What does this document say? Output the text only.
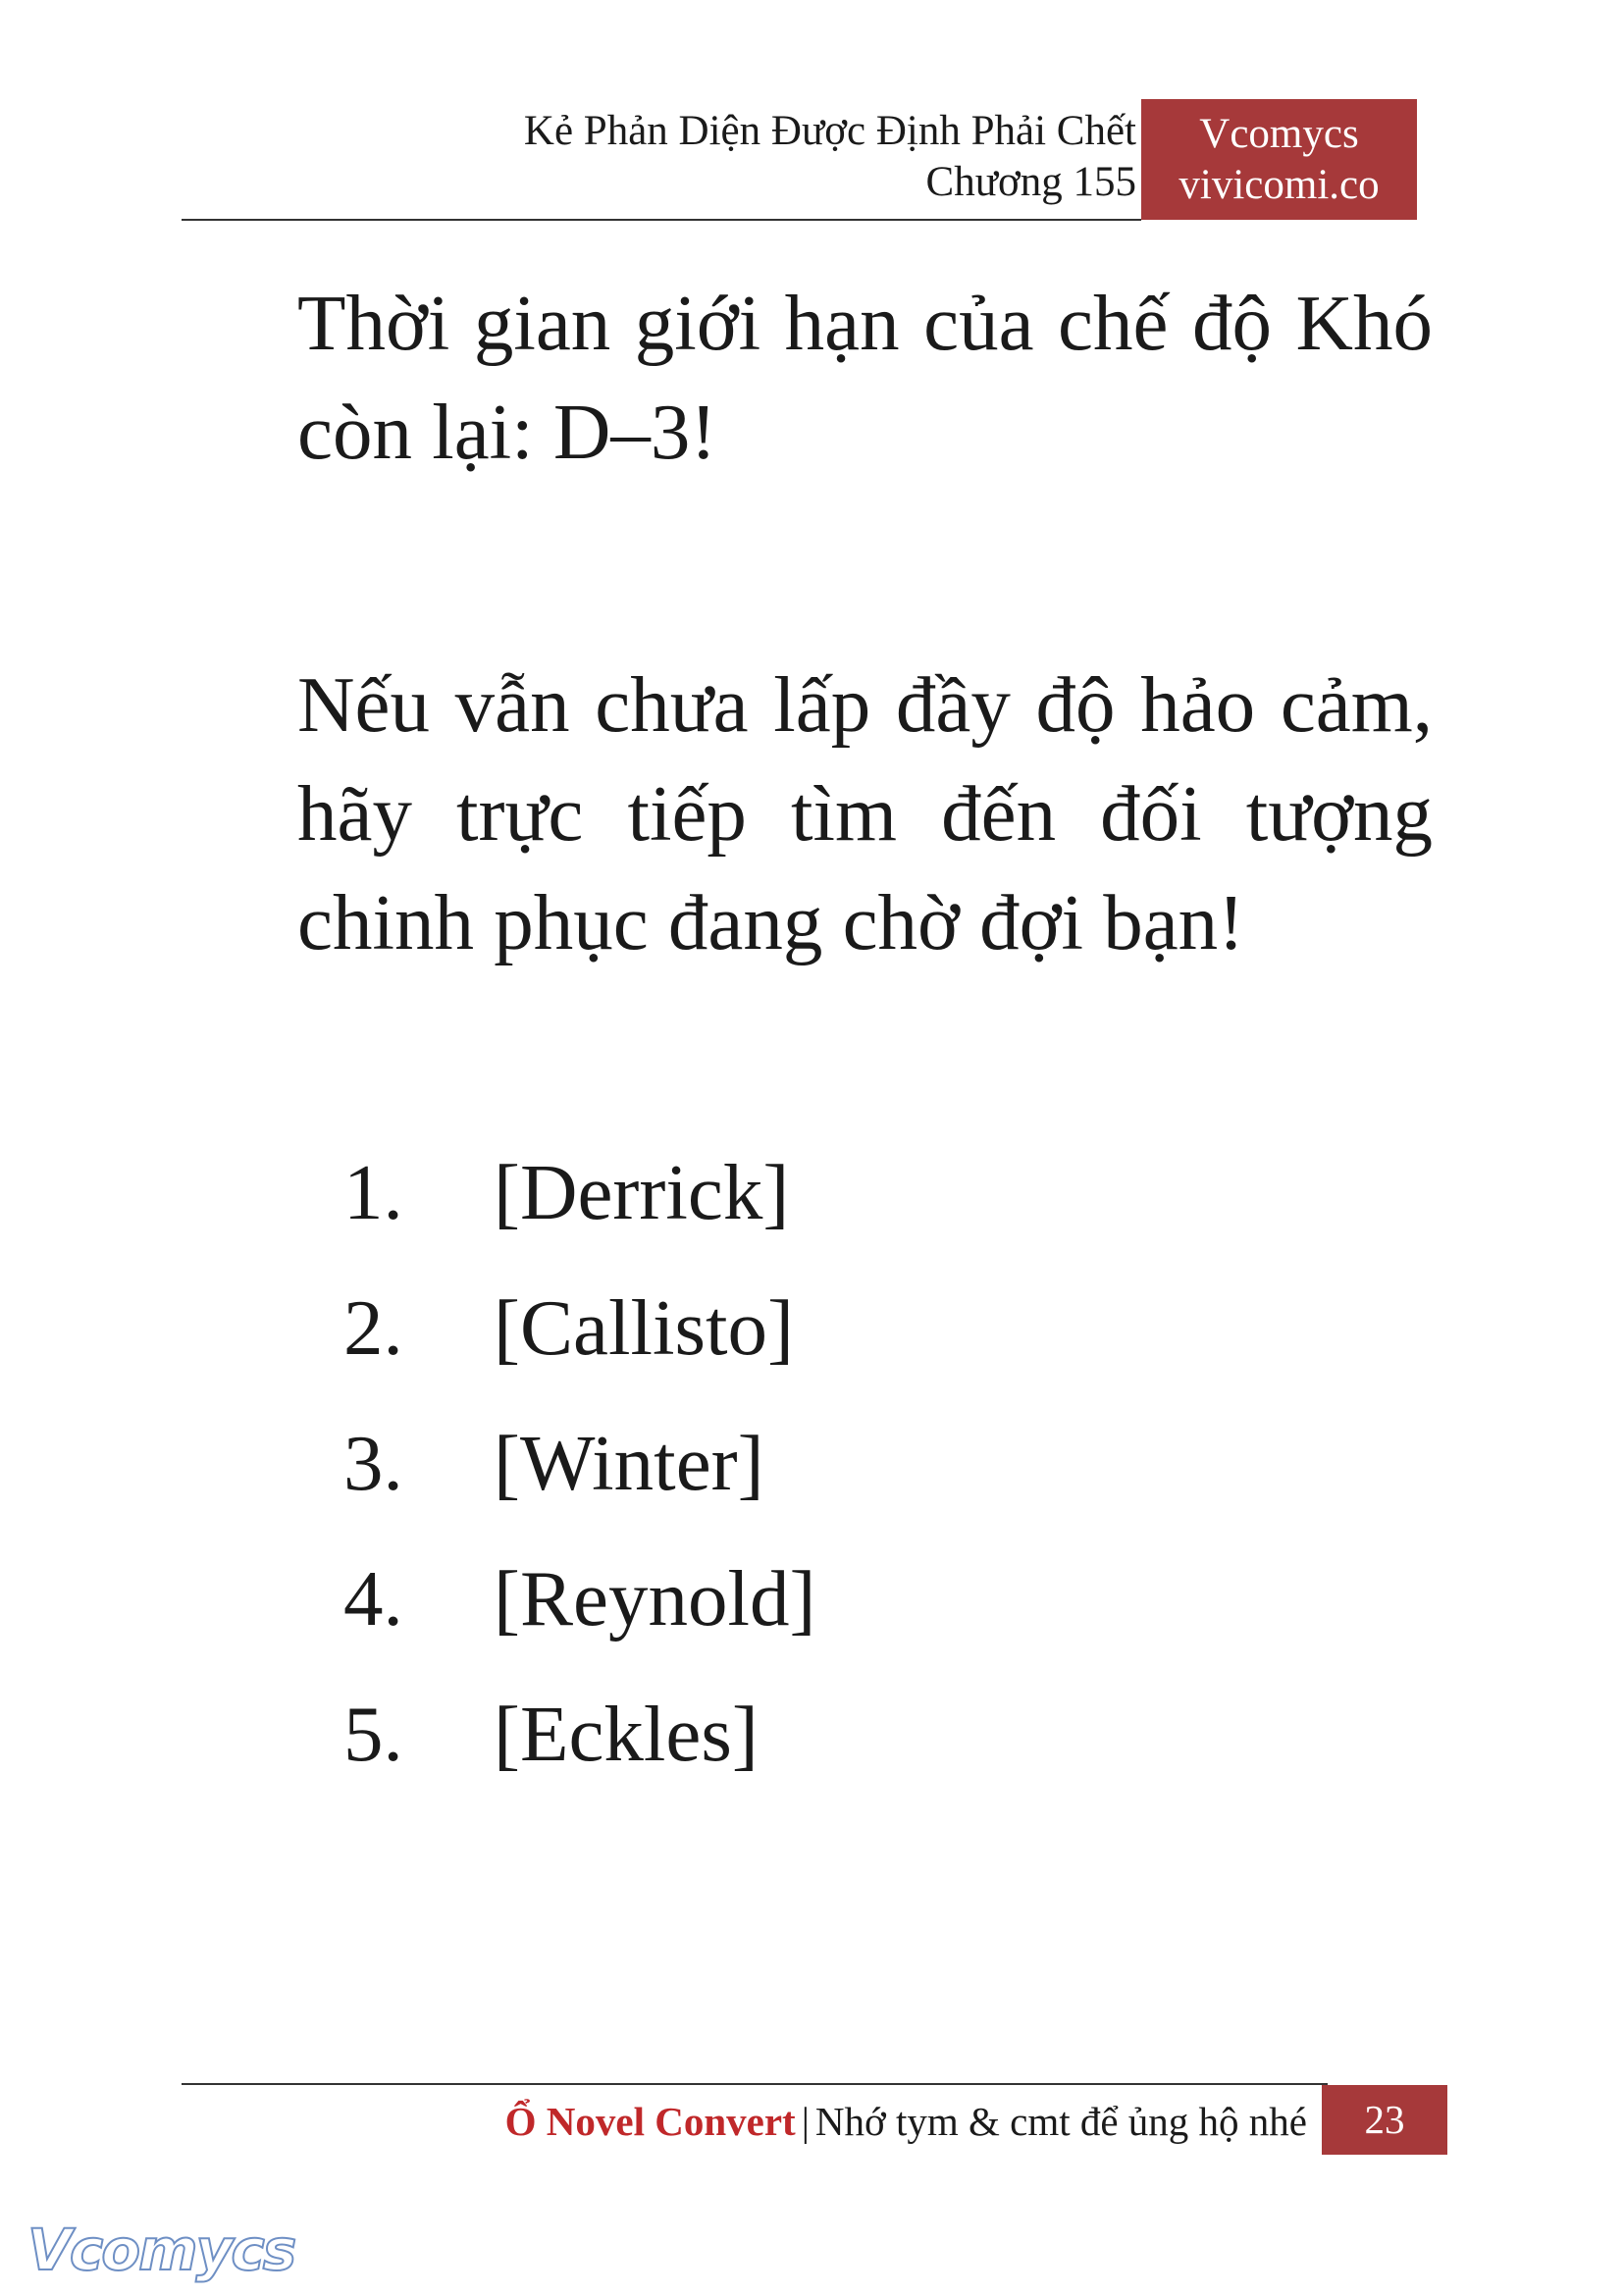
Kẻ Phản Diện Được Định Phải Chết
Chương 155
Vcomycs
vivicomi.co
Thời gian giới hạn của chế độ Khó còn lại: D–3!
Nếu vẫn chưa lấp đầy độ hảo cảm, hãy trực tiếp tìm đến đối tượng chinh phục đang chờ đợi bạn!
1. [Derrick]
2. [Callisto]
3. [Winter]
4. [Reynold]
5. [Eckles]
Ổ Novel Convert | Nhớ tym & cmt để ủng hộ nhé	23
Vcomycs
